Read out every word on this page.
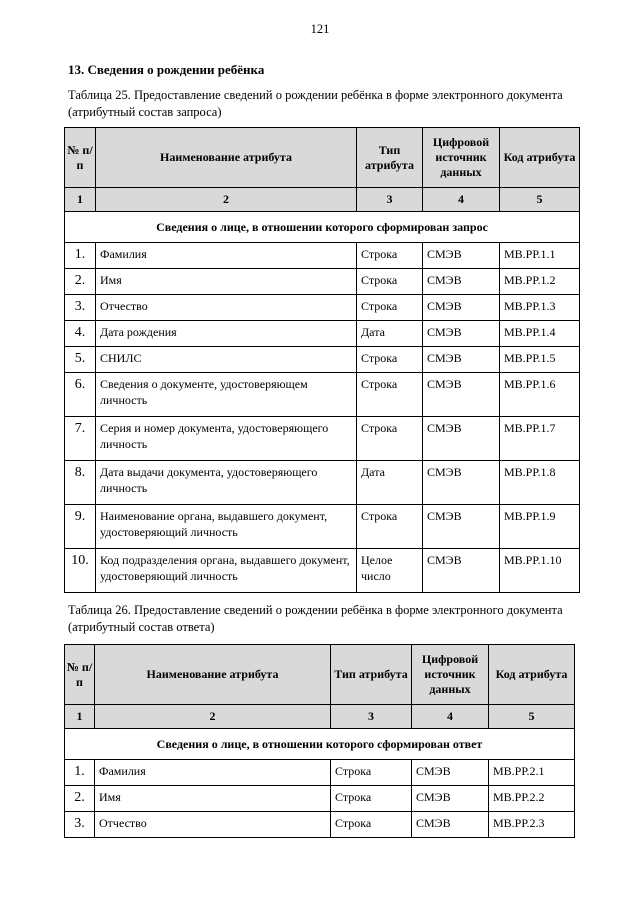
121
13. Сведения о рождении ребёнка

Таблица 25. Предоставление сведений о рождении ребёнка в форме электронного документа (атрибутный состав запроса)

№ п/п	Наименование атрибута	Тип атрибута	Цифровой источник данных	Код атрибута
1	2	3	4	5
Сведения о лице, в отношении которого сформирован запрос				
1.	Фамилия	Строка	СМЭВ	МВ.РР.1.1
2.	Имя	Строка	СМЭВ	МВ.РР.1.2
3.	Отчество	Строка	СМЭВ	МВ.РР.1.3
4.	Дата рождения	Дата	СМЭВ	МВ.РР.1.4
5.	СНИЛС	Строка	СМЭВ	МВ.РР.1.5
6.	Сведения о документе, удостоверяющем личность	Строка	СМЭВ	МВ.РР.1.6
7.	Серия и номер документа, удостоверяющего личность	Строка	СМЭВ	МВ.РР.1.7
8.	Дата выдачи документа, удостоверяющего личность	Дата	СМЭВ	МВ.РР.1.8
9.	Наименование органа, выдавшего документ, удостоверяющий личность	Строка	СМЭВ	МВ.РР.1.9
10.	Код подразделения органа, выдавшего документ, удостоверяющий личность	Целое число	СМЭВ	МВ.РР.1.10

Таблица 26. Предоставление сведений о рождении ребёнка в форме электронного документа (атрибутный состав ответа)

№ п/п	Наименование атрибута	Тип атрибута	Цифровой источник данных	Код атрибута
1	2	3	4	5
Сведения о лице, в отношении которого сформирован ответ				
1.	Фамилия	Строка	СМЭВ	МВ.РР.2.1
2.	Имя	Строка	СМЭВ	МВ.РР.2.2
3.	Отчество	Строка	СМЭВ	МВ.РР.2.3
